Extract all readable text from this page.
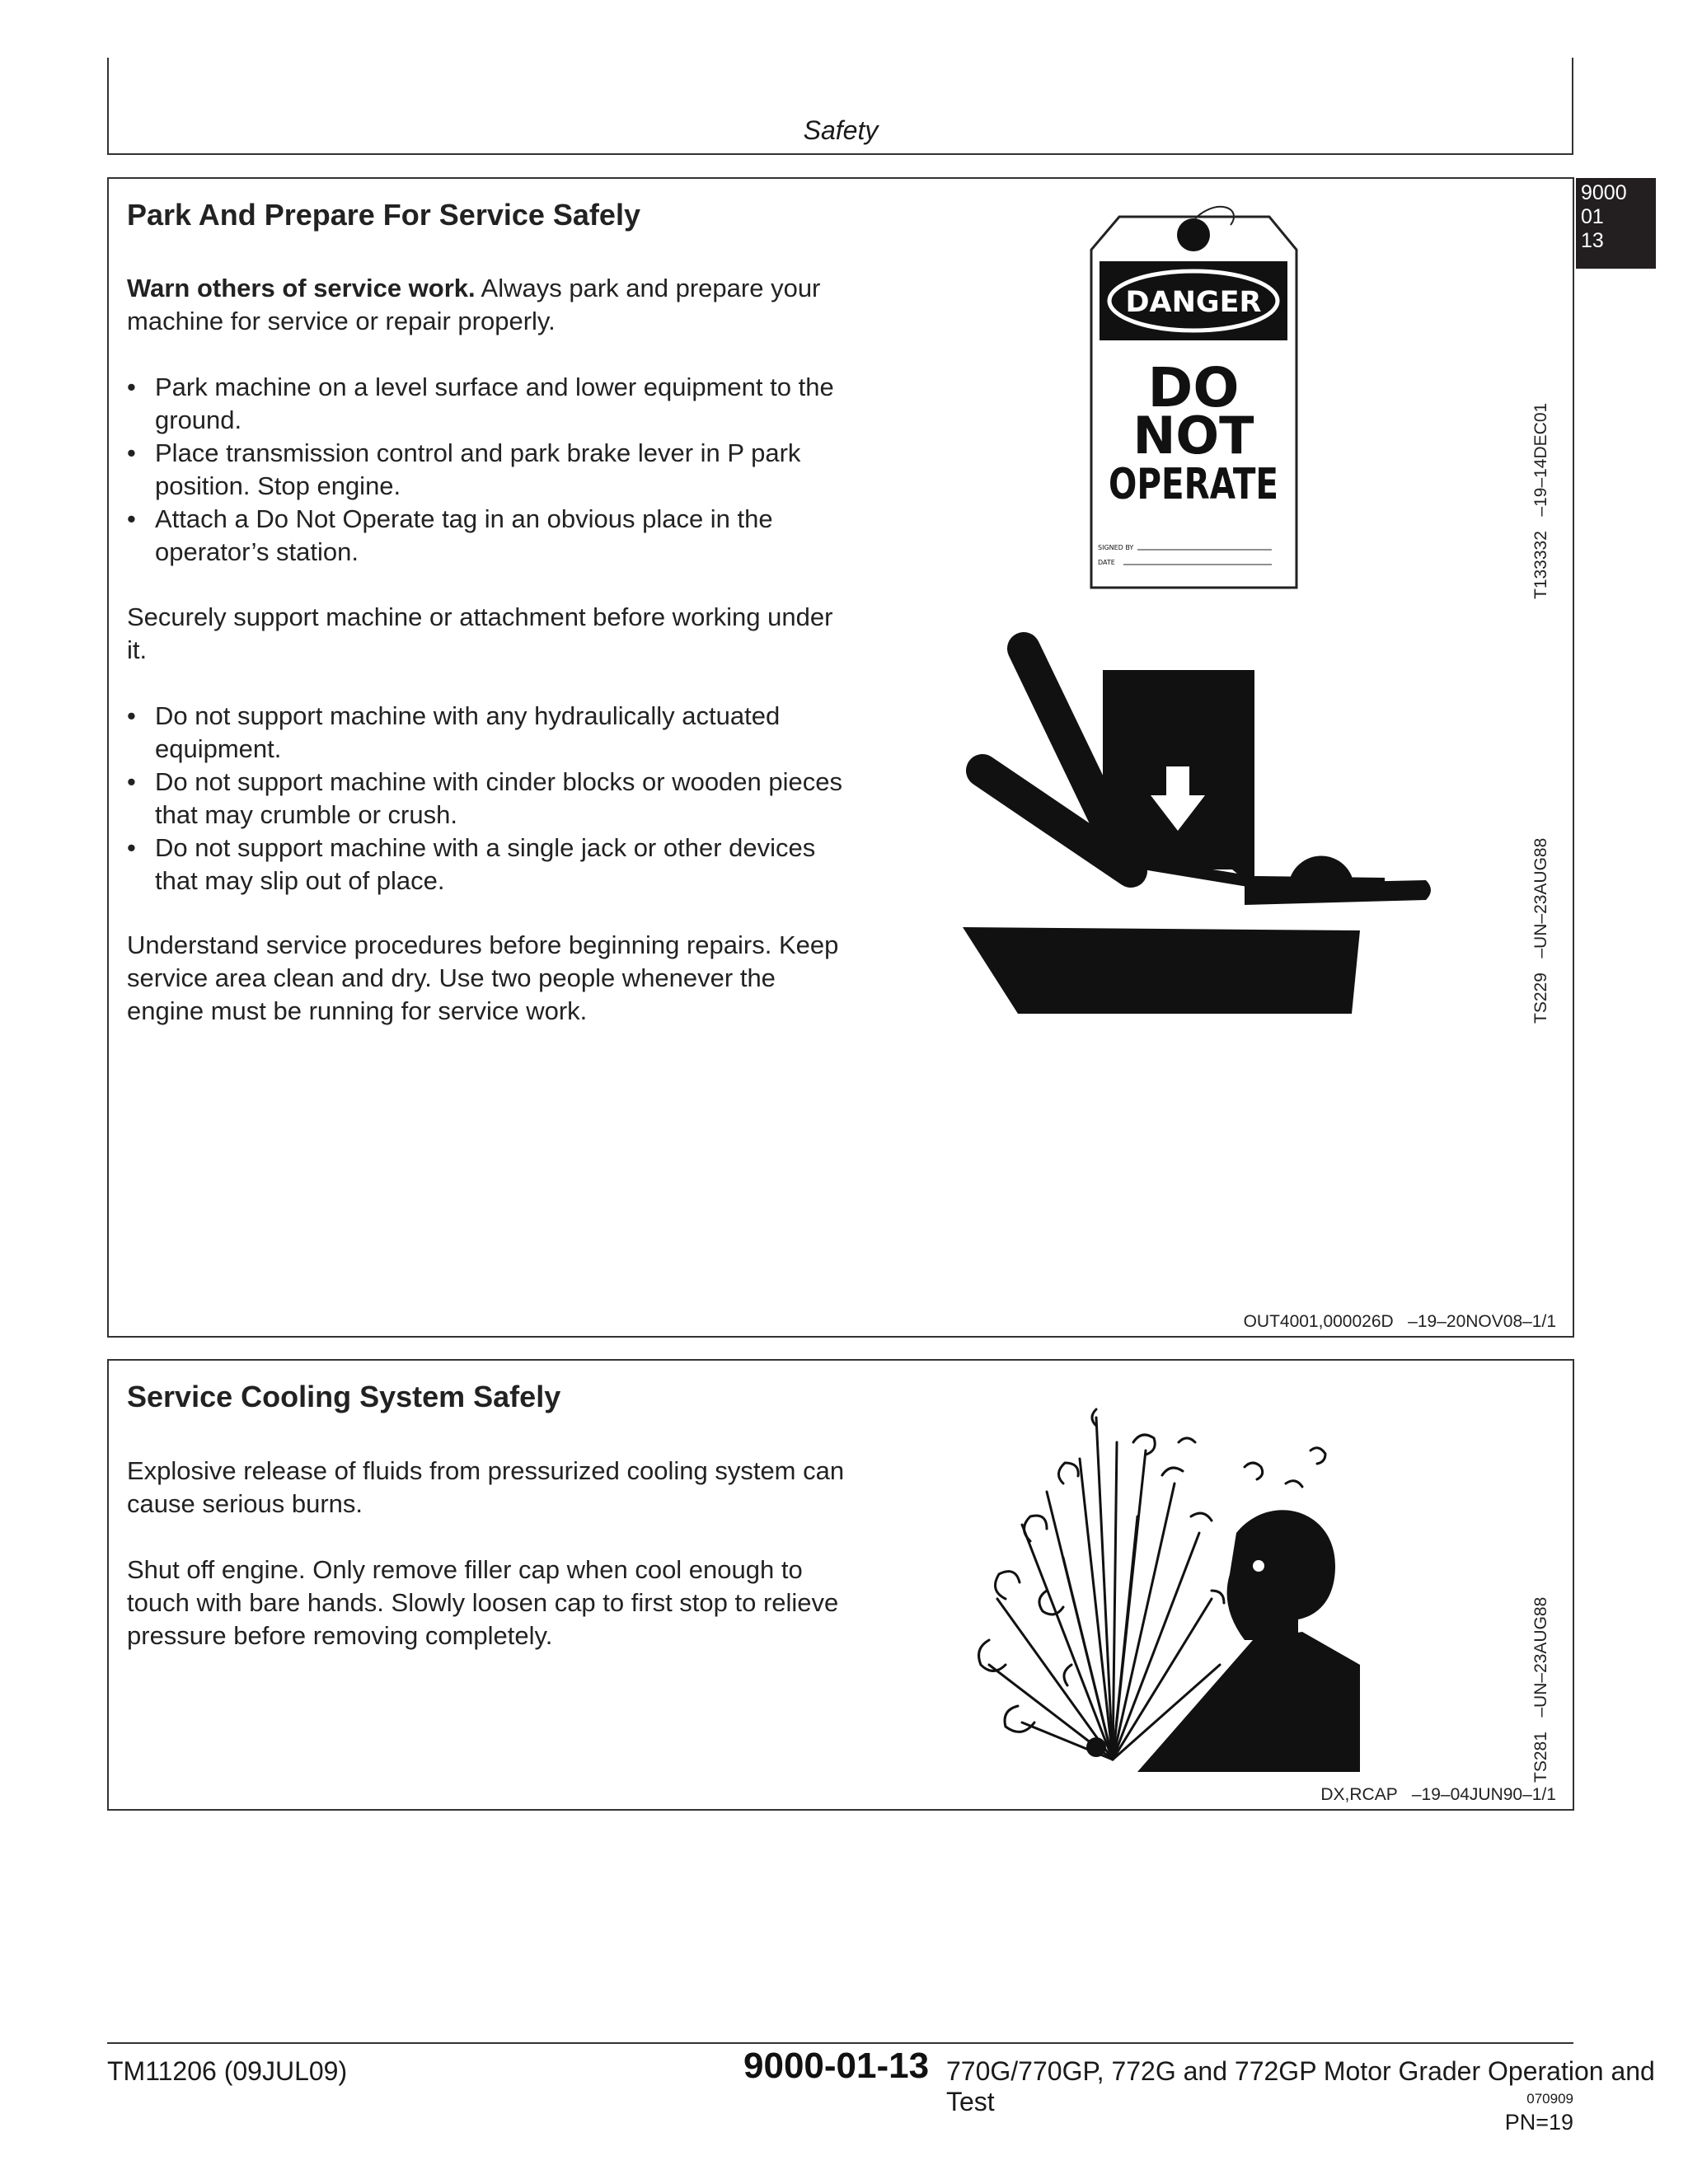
Safety
9000
01
13
Park And Prepare For Service Safely
Warn others of service work. Always park and prepare your machine for service or repair properly.
• Park machine on a level surface and lower equipment to the ground.
• Place transmission control and park brake lever in P park position. Stop engine.
• Attach a Do Not Operate tag in an obvious place in the operator’s station.
Securely support machine or attachment before working under it.
• Do not support machine with any hydraulically actuated equipment.
• Do not support machine with cinder blocks or wooden pieces that may crumble or crush.
• Do not support machine with a single jack or other devices that may slip out of place.
Understand service procedures before beginning repairs. Keep service area clean and dry. Use two people whenever the engine must be running for service work.
DANGER
DO
NOT
OPERATE
SIGNED BY
DATE	T133332   –19–14DEC01
TS229   –UN–23AUG88
OUT4001,000026D   –19–20NOV08–1/1
Service Cooling System Safely
Explosive release of fluids from pressurized cooling system can cause serious burns.
Shut off engine. Only remove filler cap when cool enough to touch with bare hands. Slowly loosen cap to first stop to relieve pressure before removing completely.	TS281   –UN–23AUG88
DX,RCAP   –19–04JUN90–1/1
TM11206 (09JUL09)	770G/770GP, 772G and 772GP Motor Grader Operation and Test
9000-01-13
070909
PN=19
